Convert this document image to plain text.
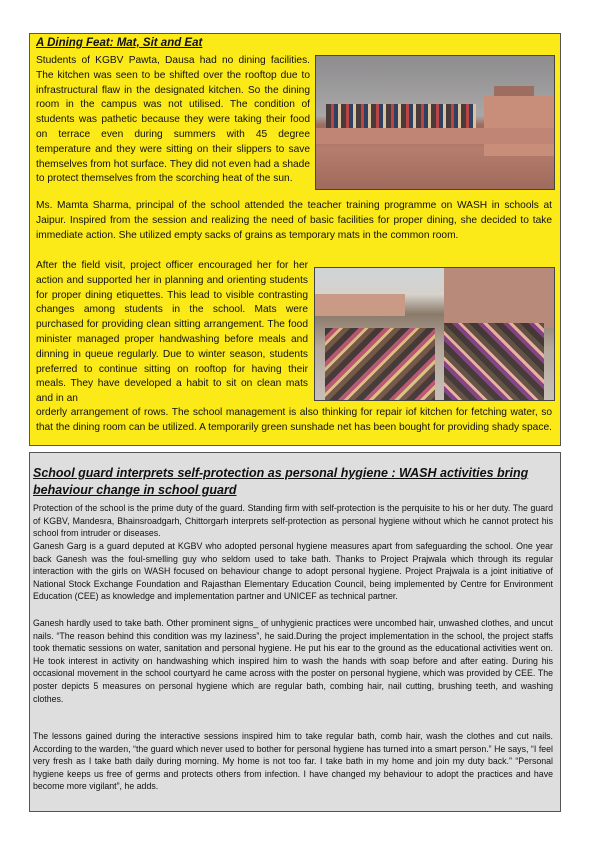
A Dining Feat: Mat, Sit and Eat

Students of KGBV Pawta, Dausa had no dining facilities. The kitchen was seen to be shifted over the rooftop due to infrastructural flaw in the designated kitchen. So the dining room in the campus was not utilised. The condition of students was pathetic because they were taking their food on terrace even during summers with 45 degree temperature and they were sitting on their slippers to save themselves from hot surface. They did not even had a shade to protect themselves from the scorching heat of the sun.

Ms. Mamta Sharma, principal of the school attended the teacher training programme on WASH in schools at Jaipur. Inspired from the session and realizing the need of basic facilities for proper dining, she decided to take immediate action. She utilized empty sacks of grains as temporary mats in the common room.

After the field visit, project officer encouraged her for her action and supported her in planning and orienting students for proper dining etiquettes. This lead to visible contrasting changes among students in the school. Mats were purchased for providing clean sitting arrangement. The food minister managed proper handwashing before meals and dinning in queue regularly. Due to winter season, students preferred to continue sitting on rooftop for having their meals. They have developed a habit to sit on clean mats and in an

orderly arrangement of rows. The school management is also thinking for repair iof kitchen for fetching water, so that the dining room can be utilized. A temporarily green sunshade net has been bought for providing shady space.

School guard interprets self-protection as personal hygiene : WASH activities bring behaviour change in school guard

Protection of the school is the prime duty of the guard. Standing firm with self-protection is the perquisite to his or her duty. The guard of KGBV, Mandesra, Bhainsroadgarh, Chittorgarh interprets self-protection as personal hygiene without which he cannot protect his school from intruder or diseases.

Ganesh Garg is a guard deputed at KGBV who adopted personal hygiene measures apart from safeguarding the school. One year back Ganesh was the foul-smelling guy who seldom used to take bath. Thanks to Project Prajwala which through its regular interaction with the girls on WASH focused on behaviour change to adopt personal hygiene. Project Prajwala is a joint initiative of National Stock Exchange Foundation and Rajasthan Elementary Education Council, being implemented by Centre for Environment Education (CEE) as knowledge and implementation partner and UNICEF as technical partner.

Ganesh hardly used to take bath. Other prominent signs_ of unhygienic practices were uncombed hair, unwashed clothes, and uncut nails. “The reason behind this condition was my laziness”, he said.During the project implementation in the school, the project staffs took thematic sessions on water, sanitation and personal hygiene. He put his ear to the ground as the educational activities went on. He took interest in activity on handwashing which inspired him to wash the hands with soap before and after eating. During his occasional movement in the school courtyard he came across with the poster on personal hygiene, which was provided by CEE. The poster depicts 5 measures on personal hygiene which are regular bath, combing hair, nail cutting, brushing teeth, and washing clothes.

The lessons gained during the interactive sessions inspired him to take regular bath, comb hair, wash the clothes and cut nails. According to the warden, “the guard which never used to bother for personal hygiene has turned into a smart person.” He says, “I feel very fresh as I take bath daily during morning. My home is not too far. I take bath in my home and join my duty back.” “Personal hygiene keeps us free of germs and protects others from infection. I have changed my behaviour to adopt the practices and have become more vigilant”, he adds.
